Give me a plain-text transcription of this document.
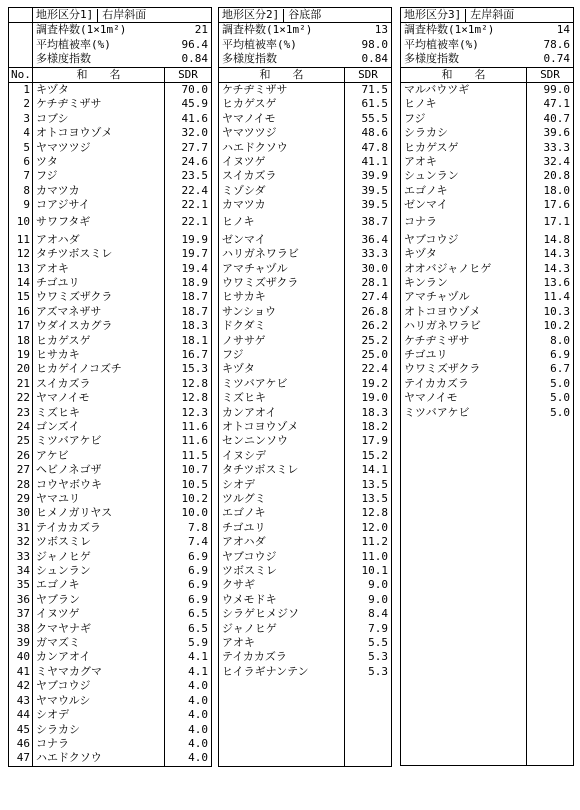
	地形区分1] 右岸斜面	
	調査枠数(1×1m²)	21
	平均植被率(%)	96.4
	多様度指数	0.84
No.	和　　名	SDR
1	キヅタ	70.0
2	ケチヂミザサ	45.9
3	コブシ	41.6
4	オトコヨウゾメ	32.0
5	ヤマツツジ	27.7
6	ツタ	24.6
7	フジ	23.5
8	カマツカ	22.4
9	コアジサイ	22.1
10	サワフタギ	22.1
11	アオハダ	19.9
12	タチツボスミレ	19.7
13	アオキ	19.4
14	チゴユリ	18.9
15	ウワミズザクラ	18.7
16	アズマネザサ	18.7
17	ウダイスカグラ	18.3
18	ヒカゲスゲ	18.1
19	ヒサカキ	16.7
20	ヒカゲイノコズチ	15.3
21	スイカズラ	12.8
22	ヤマノイモ	12.8
23	ミズヒキ	12.3
24	ゴンズイ	11.6
25	ミツバアケビ	11.6
26	アケビ	11.5
27	ヘビノネゴザ	10.7
28	コウヤボウキ	10.5
29	ヤマユリ	10.2
30	ヒメノガリヤス	10.0
31	テイカカズラ	7.8
32	ツボスミレ	7.4
33	ジャノヒゲ	6.9
34	シュンラン	6.9
35	エゴノキ	6.9
36	ヤブラン	6.9
37	イヌツゲ	6.5
38	クマヤナギ	6.5
39	ガマズミ	5.9
40	カンアオイ	4.1
41	ミヤマカグマ	4.1
42	ヤブコウジ	4.0
43	ヤマウルシ	4.0
44	シオデ	4.0
45	シラカシ	4.0
46	コナラ	4.0
47	ハエドクソウ	4.0
地形区分2] 谷底部	
調査枠数(1×1m²)	13
平均植被率(%)	98.0
多様度指数	0.84
和　　名	SDR
ケチヂミザサ	71.5
ヒカゲスゲ	61.5
ヤマノイモ	55.5
ヤマツツジ	48.6
ハエドクソウ	47.8
イヌツゲ	41.1
スイカズラ	39.9
ミゾシダ	39.5
カマツカ	39.5
ヒノキ	38.7
ゼンマイ	36.4
ハリガネワラビ	33.3
アマチャヅル	30.0
ウワミズザクラ	28.1
ヒサカキ	27.4
サンショウ	26.8
ドクダミ	26.2
ノササゲ	25.2
フジ	25.0
キヅタ	22.4
ミツバアケビ	19.2
ミズヒキ	19.0
カンアオイ	18.3
オトコヨウゾメ	18.2
センニンソウ	17.9
イヌシデ	15.2
タチツボスミレ	14.1
シオデ	13.5
ツルグミ	13.5
エゴノキ	12.8
チゴユリ	12.0
アオハダ	11.2
ヤブコウジ	11.0
ツボスミレ	10.1
クサギ	9.0
ウメモドキ	9.0
シラゲヒメジソ	8.4
ジャノヒゲ	7.9
アオキ	5.5
テイカカズラ	5.3
ヒイラギナンテン	5.3

地形区分3] 左岸斜面	
調査枠数(1×1m²)	14
平均植被率(%)	78.6
多様度指数	0.74
和　　名	SDR
マルバウツギ	99.0
ヒノキ	47.1
フジ	40.7
シラカシ	39.6
ヒカゲスゲ	33.3
アオキ	32.4
シュンラン	20.8
エゴノキ	18.0
ゼンマイ	17.6
コナラ	17.1
ヤブコウジ	14.8
キヅタ	14.3
オオバジャノヒゲ	14.3
キンラン	13.6
アマチャヅル	11.4
オトコヨウゾメ	10.3
ハリガネワラビ	10.2
ケチヂミザサ	8.0
チゴユリ	6.9
ウワミズザクラ	6.7
テイカカズラ	5.0
ヤマノイモ	5.0
ミツバアケビ	5.0
